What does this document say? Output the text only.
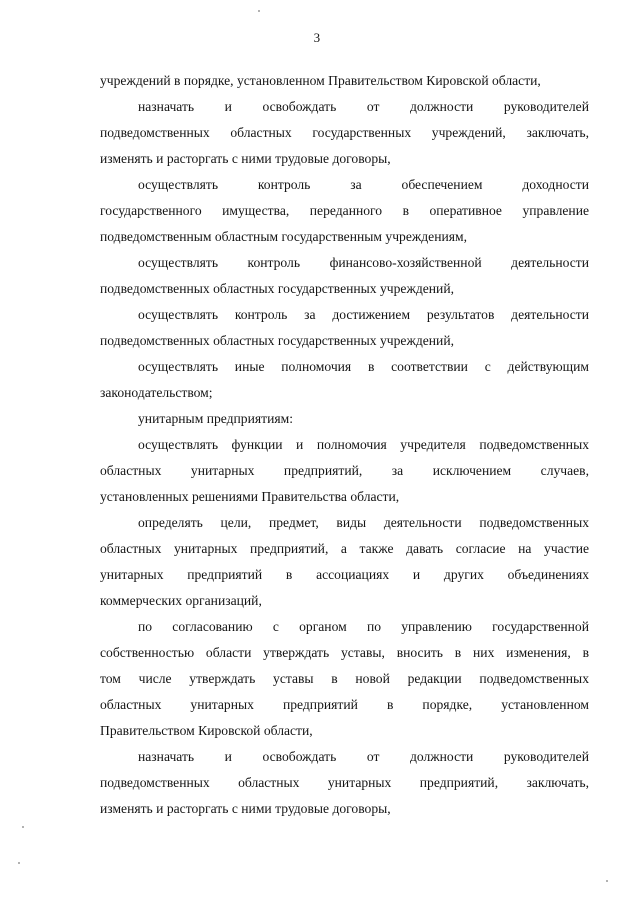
3
учреждений в порядке, установленном Правительством Кировской области,
назначать и освобождать от должности руководителей
подведомственных областных государственных учреждений, заключать,
изменять и расторгать с ними трудовые договоры,
осуществлять контроль за обеспечением доходности
государственного имущества, переданного в оперативное управление
подведомственным областным государственным учреждениям,
осуществлять контроль финансово-хозяйственной деятельности
подведомственных областных государственных учреждений,
осуществлять контроль за достижением результатов деятельности
подведомственных областных государственных учреждений,
осуществлять иные полномочия в соответствии с действующим
законодательством;
унитарным предприятиям:
осуществлять функции и полномочия учредителя подведомственных
областных унитарных предприятий, за исключением случаев,
установленных решениями Правительства области,
определять цели, предмет, виды деятельности подведомственных
областных унитарных предприятий, а также давать согласие на участие
унитарных предприятий в ассоциациях и других объединениях
коммерческих организаций,
по согласованию с органом по управлению государственной
собственностью области утверждать уставы, вносить в них изменения, в
том числе утверждать уставы в новой редакции подведомственных
областных унитарных предприятий в порядке, установленном
Правительством Кировской области,
назначать и освобождать от должности руководителей
подведомственных областных унитарных предприятий, заключать,
изменять и расторгать с ними трудовые договоры,
